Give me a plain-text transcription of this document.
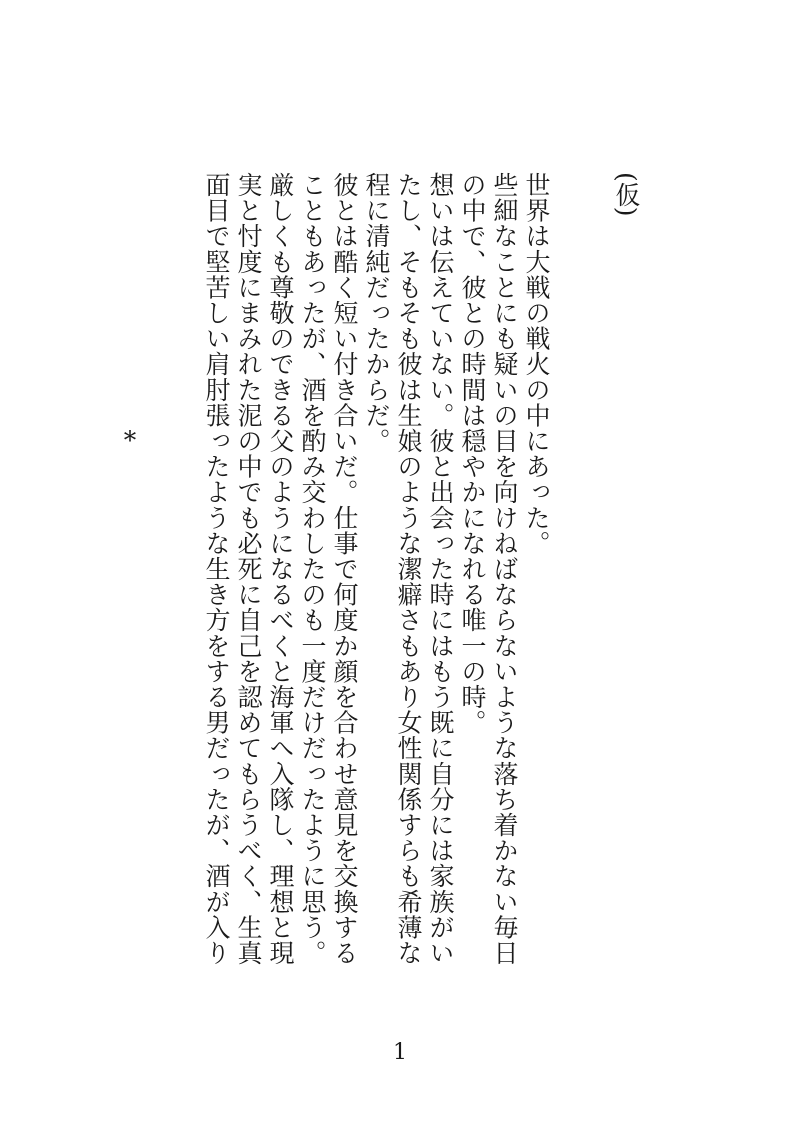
(仮)

世界は大戦の戦火の中にあった。

些細なことにも疑いの目を向けねばならないような落ち着かない毎日の中で、彼との時間は穏やかになれる唯一の時。

想いは伝えていない。彼と出会った時にはもう既に自分には家族がいたし、そもそも彼は生娘のような潔癖さもあり女性関係すらも希薄な程に清純だったからだ。

彼とは酷く短い付き合いだ。仕事で何度か顔を合わせ意見を交換することもあったが、酒を酌み交わしたのも一度だけだったように思う。

厳しくも尊敬のできる父のようになるべくと海軍へ入隊し、理想と現実と忖度にまみれた泥の中でも必死に自己を認めてもらうべく、生真面目で堅苦しい肩肘張ったような生き方をする男だったが、酒が入り

*
1
